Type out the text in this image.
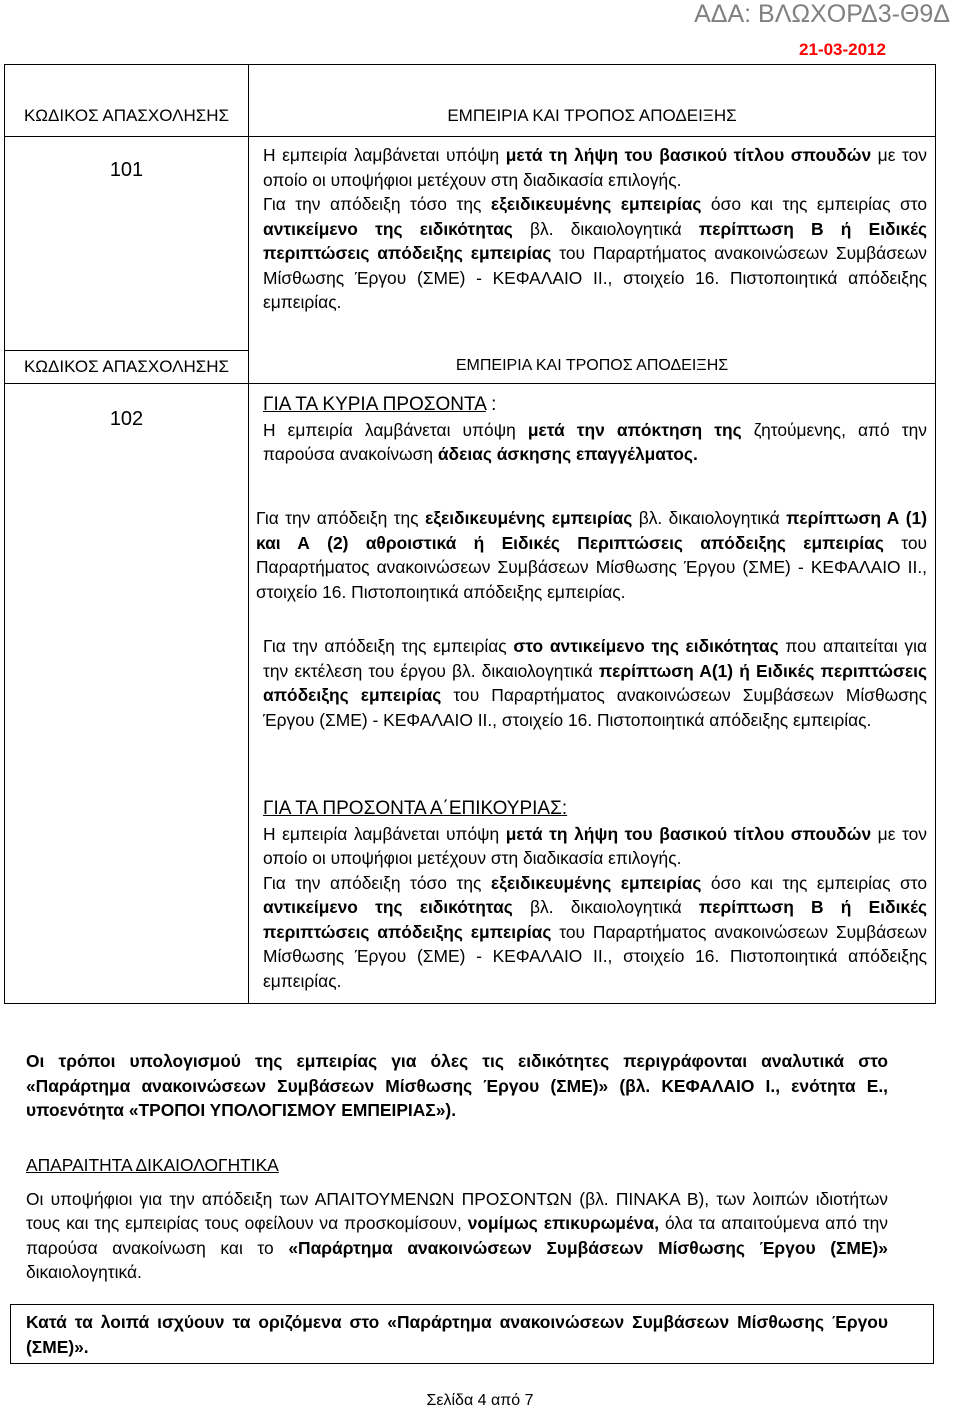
ΑΔΑ: ΒΛΩΧΟΡΔ3-Θ9Δ
21-03-2012
ΚΩΔΙΚΟΣ ΑΠΑΣΧΟΛΗΣΗΣ	ΕΜΠΕΙΡΙΑ ΚΑΙ ΤΡΟΠΟΣ ΑΠΟΔΕΙΞΗΣ
101

Η εμπειρία λαμβάνεται υπόψη μετά τη λήψη του βασικού τίτλου σπουδών με τον οποίο οι υποψήφιοι μετέχουν στη διαδικασία επιλογής.

Για την απόδειξη τόσο της εξειδικευμένης εμπειρίας όσο και της εμπειρίας στο αντικείμενο της ειδικότητας βλ. δικαιολογητικά περίπτωση Β ή Ειδικές περιπτώσεις απόδειξης εμπειρίας του Παραρτήματος ανακοινώσεων Συμβάσεων Μίσθωσης Έργου (ΣΜΕ) - ΚΕΦΑΛΑΙΟ ΙΙ., στοιχείο 16. Πιστοποιητικά απόδειξης εμπειρίας.

ΚΩΔΙΚΟΣ ΑΠΑΣΧΟΛΗΣΗΣ	ΕΜΠΕΙΡΙΑ ΚΑΙ ΤΡΟΠΟΣ ΑΠΟΔΕΙΞΗΣ
102

ΓΙΑ ΤΑ ΚΥΡΙΑ ΠΡΟΣΟΝΤΑ :

Η εμπειρία λαμβάνεται υπόψη μετά την απόκτηση της ζητούμενης, από την παρούσα ανακοίνωση άδειας άσκησης επαγγέλματος.

Για την απόδειξη της εξειδικευμένης εμπειρίας βλ. δικαιολογητικά περίπτωση Α (1) και Α (2) αθροιστικά ή Ειδικές Περιπτώσεις απόδειξης εμπειρίας του Παραρτήματος ανακοινώσεων Συμβάσεων Μίσθωσης Έργου (ΣΜΕ) - ΚΕΦΑΛΑΙΟ ΙΙ., στοιχείο 16. Πιστοποιητικά απόδειξης εμπειρίας.

Για την απόδειξη της εμπειρίας στο αντικείμενο της ειδικότητας που απαιτείται για την εκτέλεση του έργου βλ. δικαιολογητικά περίπτωση Α(1) ή Ειδικές περιπτώσεις απόδειξης εμπειρίας του Παραρτήματος ανακοινώσεων Συμβάσεων Μίσθωσης Έργου (ΣΜΕ) - ΚΕΦΑΛΑΙΟ ΙΙ., στοιχείο 16. Πιστοποιητικά απόδειξης εμπειρίας.

ΓΙΑ ΤΑ ΠΡΟΣΟΝΤΑ Α΄ΕΠΙΚΟΥΡΙΑΣ:

Η εμπειρία λαμβάνεται υπόψη μετά τη λήψη του βασικού τίτλου σπουδών με τον οποίο οι υποψήφιοι μετέχουν στη διαδικασία επιλογής.

Για την απόδειξη τόσο της εξειδικευμένης εμπειρίας όσο και της εμπειρίας στο αντικείμενο της ειδικότητας βλ. δικαιολογητικά περίπτωση Β ή Ειδικές περιπτώσεις απόδειξης εμπειρίας του Παραρτήματος ανακοινώσεων Συμβάσεων Μίσθωσης Έργου (ΣΜΕ) - ΚΕΦΑΛΑΙΟ ΙΙ., στοιχείο 16. Πιστοποιητικά απόδειξης εμπειρίας.

Οι τρόποι υπολογισμού της εμπειρίας για όλες τις ειδικότητες περιγράφονται αναλυτικά στο «Παράρτημα ανακοινώσεων Συμβάσεων Μίσθωσης Έργου (ΣΜΕ)» (βλ. ΚΕΦΑΛΑΙΟ Ι., ενότητα Ε., υποενότητα «ΤΡΟΠΟΙ ΥΠΟΛΟΓΙΣΜΟΥ ΕΜΠΕΙΡΙΑΣ»).

ΑΠΑΡΑΙΤΗΤΑ ΔΙΚΑΙΟΛΟΓΗΤΙΚΑ

Οι υποψήφιοι για την απόδειξη των ΑΠΑΙΤΟΥΜΕΝΩΝ ΠΡΟΣΟΝΤΩΝ (βλ. ΠΙΝΑΚΑ Β), των λοιπών ιδιοτήτων τους και της εμπειρίας τους οφείλουν να προσκομίσουν, νομίμως επικυρωμένα, όλα τα απαιτούμενα από την παρούσα ανακοίνωση και το «Παράρτημα ανακοινώσεων Συμβάσεων Μίσθωσης Έργου (ΣΜΕ)» δικαιολογητικά.

Κατά τα λοιπά ισχύουν τα οριζόμενα στο «Παράρτημα ανακοινώσεων Συμβάσεων Μίσθωσης Έργου (ΣΜΕ)».

Σελίδα 4 από 7
